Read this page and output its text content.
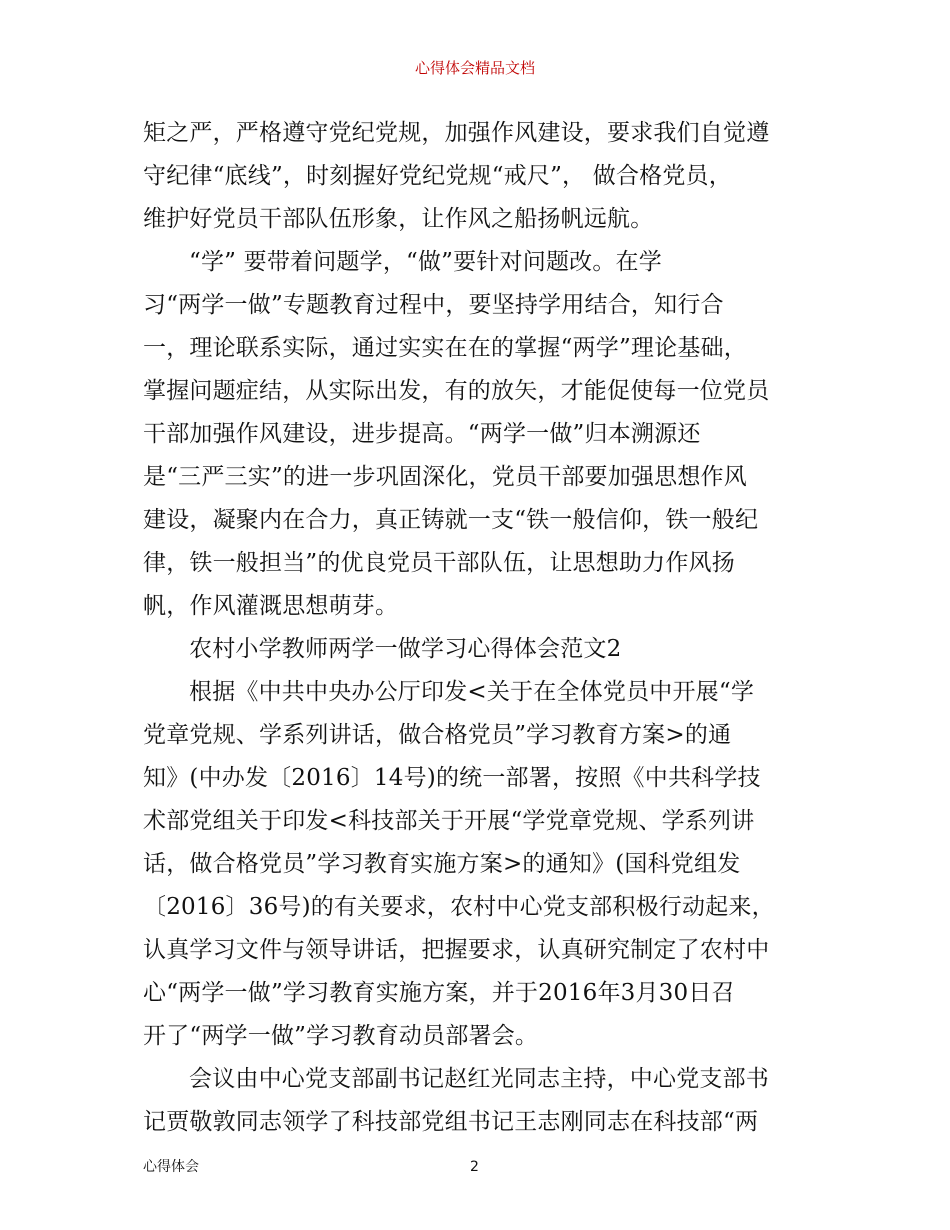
心得体会精品文档
矩之严，严格遵守党纪党规，加强作风建设，要求我们自觉遵
守纪律“底线”，时刻握好党纪党规“戒尺”， 做合格党员，
维护好党员干部队伍形象，让作风之船扬帆远航。
“学” 要带着问题学，“做”要针对问题改。在学
习“两学一做”专题教育过程中，要坚持学用结合，知行合
一，理论联系实际，通过实实在在的掌握“两学”理论基础，
掌握问题症结，从实际出发，有的放矢，才能促使每一位党员
干部加强作风建设，进步提高。“两学一做”归本溯源还
是“三严三实”的进一步巩固深化，党员干部要加强思想作风
建设，凝聚内在合力，真正铸就一支“铁一般信仰，铁一般纪
律，铁一般担当”的优良党员干部队伍，让思想助力作风扬
帆，作风灌溉思想萌芽。
农村小学教师两学一做学习心得体会范文2
根据《中共中央办公厅印发<关于在全体党员中开展“学
党章党规、学系列讲话，做合格党员”学习教育方案>的通
知》(中办发〔2016〕14号)的统一部署，按照《中共科学技
术部党组关于印发<科技部关于开展“学党章党规、学系列讲
话，做合格党员”学习教育实施方案>的通知》(国科党组发
〔2016〕36号)的有关要求，农村中心党支部积极行动起来，
认真学习文件与领导讲话，把握要求，认真研究制定了农村中
心“两学一做”学习教育实施方案，并于2016年3月30日召
开了“两学一做”学习教育动员部署会。
会议由中心党支部副书记赵红光同志主持，中心党支部书
记贾敬敦同志领学了科技部党组书记王志刚同志在科技部“两
心得体会	2
